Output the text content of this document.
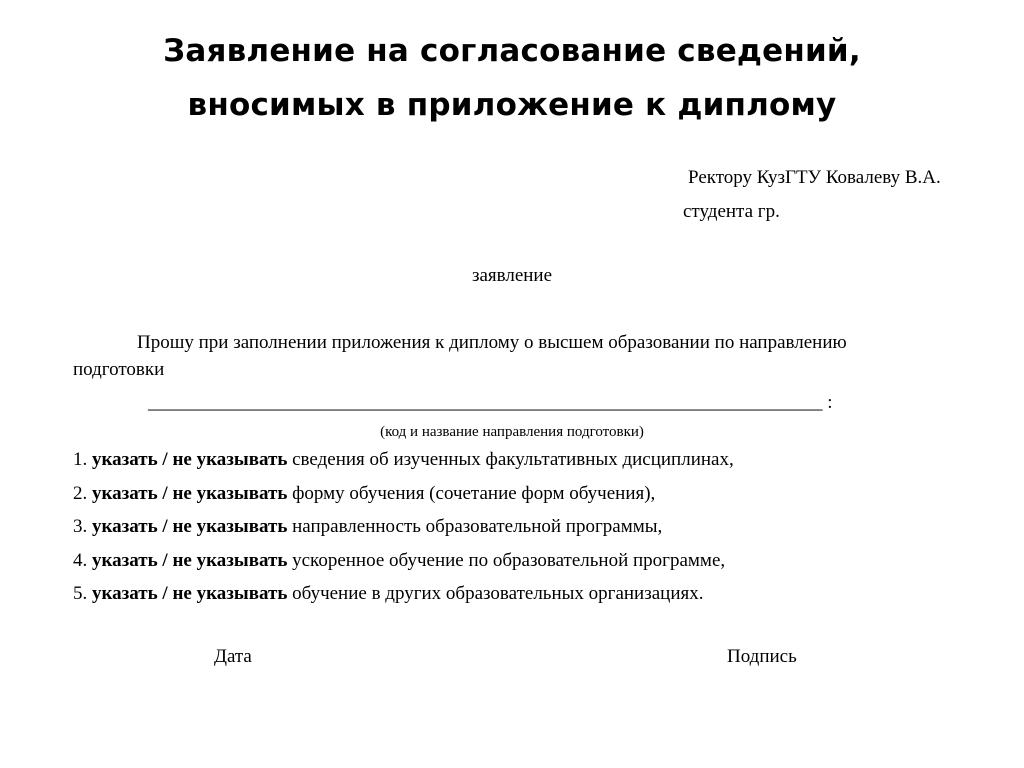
Заявление на согласование сведений,
вносимых в приложение к диплому
Ректору КузГТУ Ковалеву В.А.
студента гр.
заявление
Прошу при заполнении приложения к диплому о высшем образовании по направлению
подготовки
_______________________________________________________________________ :
(код и название направления подготовки)
1. указать / не указывать сведения об изученных факультативных дисциплинах,
2. указать / не указывать форму обучения (сочетание форм обучения),
3. указать / не указывать направленность образовательной программы,
4. указать / не указывать ускоренное обучение по образовательной программе,
5. указать / не указывать обучение в других образовательных организациях.
Дата	Подпись
